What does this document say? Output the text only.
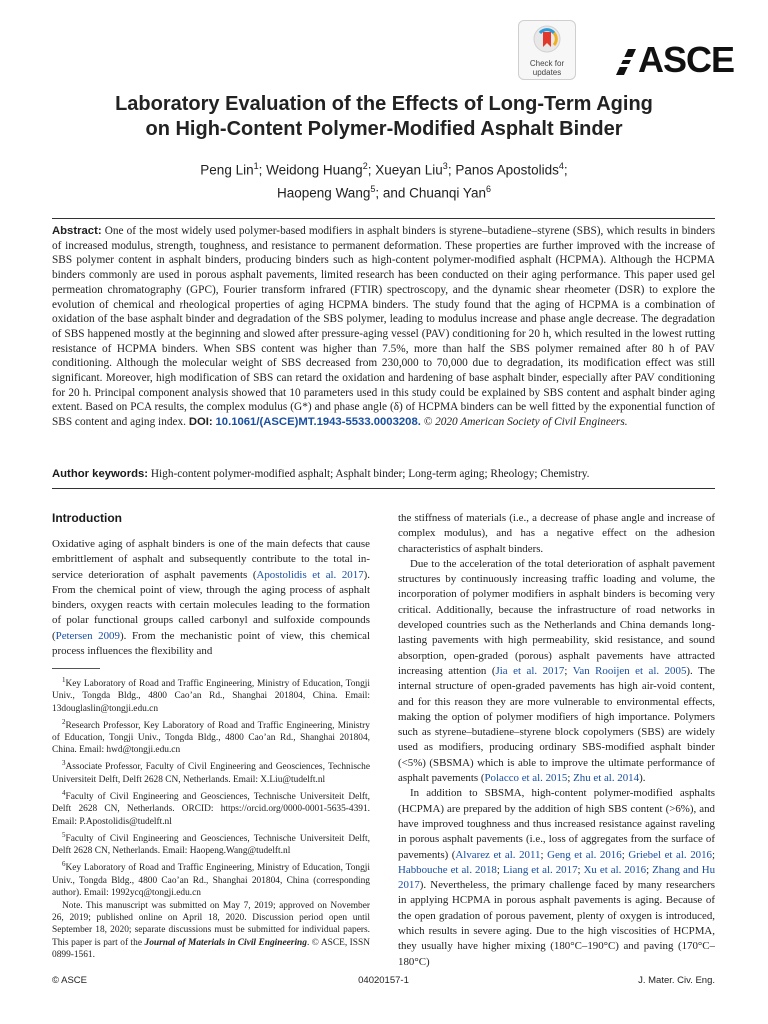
Check for
updates	ASCE
Laboratory Evaluation of the Effects of Long-Term Aging
on High-Content Polymer-Modified Asphalt Binder
Peng Lin$^1$; Weidong Huang$^2$; Xueyan Liu$^3$; Panos Apostolids$^4$;
Haopeng Wang$^5$; and Chuanqi Yan$^6$
Abstract: One of the most widely used polymer-based modifiers in asphalt binders is styrene–butadiene–styrene (SBS), which results in binders of increased modulus, strength, toughness, and resistance to permanent deformation. These properties are further improved with the increase of SBS polymer content in asphalt binders, producing binders such as high-content polymer-modified asphalt (HCPMA). Although the HCPMA binders commonly are used in porous asphalt pavements, limited research has been conducted on their aging performance. This paper used gel permeation chromatography (GPC), Fourier transform infrared (FTIR) spectroscopy, and the dynamic shear rheometer (DSR) to explore the evolution of chemical and rheological properties of aging HCPMA binders. The study found that the aging of HCPMA is a combination of oxidation of the base asphalt binder and degradation of the SBS polymer, leading to modulus increase and phase angle decrease. The degradation of SBS happened mostly at the beginning and slowed after pressure-aging vessel (PAV) conditioning for 20 h, which resulted in the lowest rutting resistance of HCPMA binders. When SBS content was higher than 7.5%, more than half the SBS polymer remained after 80 h of PAV conditioning. Although the molecular weight of SBS decreased from 230,000 to 70,000 due to degradation, its modification effect was still significant. Moreover, high modification of SBS can retard the oxidation and hardening of base asphalt binder, especially after PAV conditioning for 20 h. Principal component analysis showed that 10 parameters used in this study could be explained by SBS content and asphalt binder aging extent. Based on PCA results, the complex modulus (G*) and phase angle (δ) of HCPMA binders can be well fitted by the exponential function of SBS content and aging index. DOI: 10.1061/(ASCE)MT.1943-5533.0003208. © 2020 American Society of Civil Engineers.
Author keywords: High-content polymer-modified asphalt; Asphalt binder; Long-term aging; Rheology; Chemistry.
Introduction

Oxidative aging of asphalt binders is one of the main defects that cause embrittlement of asphalt and subsequently contribute to the total in-service deterioration of asphalt pavements (Apostolidis et al. 2017). From the chemical point of view, through the aging process of asphalt binders, oxygen reacts with certain molecules leading to the formation of polar functional groups called carbonyl and sulfoxide compounds (Petersen 2009). From the mechanistic point of view, this chemical process influences the flexibility and

$^1$Key Laboratory of Road and Traffic Engineering, Ministry of Education, Tongji Univ., Tongda Bldg., 4800 Cao’an Rd., Shanghai 201804, China. Email: 13douglaslin@tongji.edu.cn

$^2$Research Professor, Key Laboratory of Road and Traffic Engineering, Ministry of Education, Tongji Univ., Tongda Bldg., 4800 Cao’an Rd., Shanghai 201804, China. Email: hwd@tongji.edu.cn

$^3$Associate Professor, Faculty of Civil Engineering and Geosciences, Technische Universiteit Delft, Delft 2628 CN, Netherlands. Email: X.Liu@tudelft.nl

$^4$Faculty of Civil Engineering and Geosciences, Technische Universiteit Delft, Delft 2628 CN, Netherlands. ORCID: https://orcid.org/0000-0001-5635-4391. Email: P.Apostolidis@tudelft.nl

$^5$Faculty of Civil Engineering and Geosciences, Technische Universiteit Delft, Delft 2628 CN, Netherlands. Email: Haopeng.Wang@tudelft.nl

$^6$Key Laboratory of Road and Traffic Engineering, Ministry of Education, Tongji Univ., Tongda Bldg., 4800 Cao’an Rd., Shanghai 201804, China (corresponding author). Email: 1992ycq@tongji.edu.cn

Note. This manuscript was submitted on May 7, 2019; approved on November 26, 2019; published online on April 18, 2020. Discussion period open until September 18, 2020; separate discussions must be submitted for individual papers. This paper is part of the Journal of Materials in Civil Engineering. © ASCE, ISSN 0899-1561.

the stiffness of materials (i.e., a decrease of phase angle and increase of complex modulus), and has a negative effect on the adhesion characteristics of asphalt binders.

Due to the acceleration of the total deterioration of asphalt pavement structures by continuously increasing traffic loading and volume, the incorporation of polymer modifiers in asphalt binders is becoming very critical. Additionally, because the infrastructure of road networks in developed countries such as the Netherlands and China demands long-lasting pavements with high permeability, skid resistance, and sound absorption, open-graded (porous) asphalt pavements have attracted increasing attention (Jia et al. 2017; Van Rooijen et al. 2005). The internal structure of open-graded pavements has high air-void content, and for this reason they are more vulnerable to environmental effects, making the option of polymer modifiers of high importance. Polymers such as styrene–butadiene–styrene block copolymers (SBS) are widely used as modifiers, producing ordinary SBS-modified asphalt binder (<5%) (SBSMA) which is able to improve the ultimate performance of asphalt pavements (Polacco et al. 2015; Zhu et al. 2014).

In addition to SBSMA, high-content polymer-modified asphalts (HCPMA) are prepared by the addition of high SBS content (>6%), and have improved toughness and thus increased resistance against raveling in porous asphalt pavements (i.e., loss of aggregates from the surface of pavements) (Alvarez et al. 2011; Geng et al. 2016; Griebel et al. 2016; Habbouche et al. 2018; Liang et al. 2017; Xu et al. 2016; Zhang and Hu 2017). Nevertheless, the primary challenge faced by many researchers in applying HCPMA in porous asphalt pavements is aging. Because of the open gradation of porous pavement, plenty of oxygen is introduced, which results in severe aging. Due to the high viscosities of HCPMA, they usually have higher mixing (180°C–190°C) and paving (170°C–180°C)

© ASCE	04020157-1	J. Mater. Civ. Eng.
